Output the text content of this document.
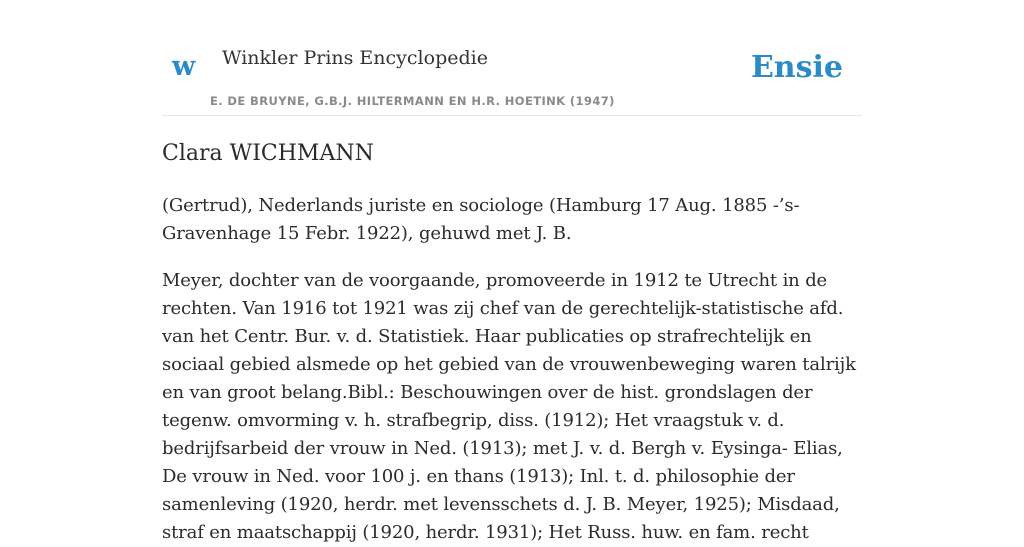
w Winkler Prins Encyclopedie
E. DE BRUYNE, G.B.J. HILTERMANN EN H.R. HOETINK (1947)
Ensie
Clara WICHMANN

(Gertrud), Nederlands juriste en sociologe (Hamburg 17 Aug. 1885 -’s-Gravenhage 15 Febr. 1922), gehuwd met J. B.

Meyer, dochter van de voorgaande, promoveerde in 1912 te Utrecht in de rechten. Van 1916 tot 1921 was zij chef van de gerechtelijk-statistische afd. van het Centr. Bur. v. d. Statistiek. Haar publicaties op strafrechtelijk en sociaal gebied alsmede op het gebied van de vrouwenbeweging waren talrijk en van groot belang.Bibl.: Beschouwingen over de hist. grondslagen der tegenw. omvorming v. h. strafbegrip, diss. (1912); Het vraagstuk v. d. bedrijfsarbeid der vrouw in Ned. (1913); met J. v. d. Bergh v. Eysinga- Elias, De vrouw in Ned. voor 100 j. en thans (1913); Inl. t. d. philosophie der samenleving (1920, herdr. met levensschets d. J. B. Meyer, 1925); Misdaad, straf en maatschappij (1920, herdr. 1931); Het Russ. huw. en fam. recht
